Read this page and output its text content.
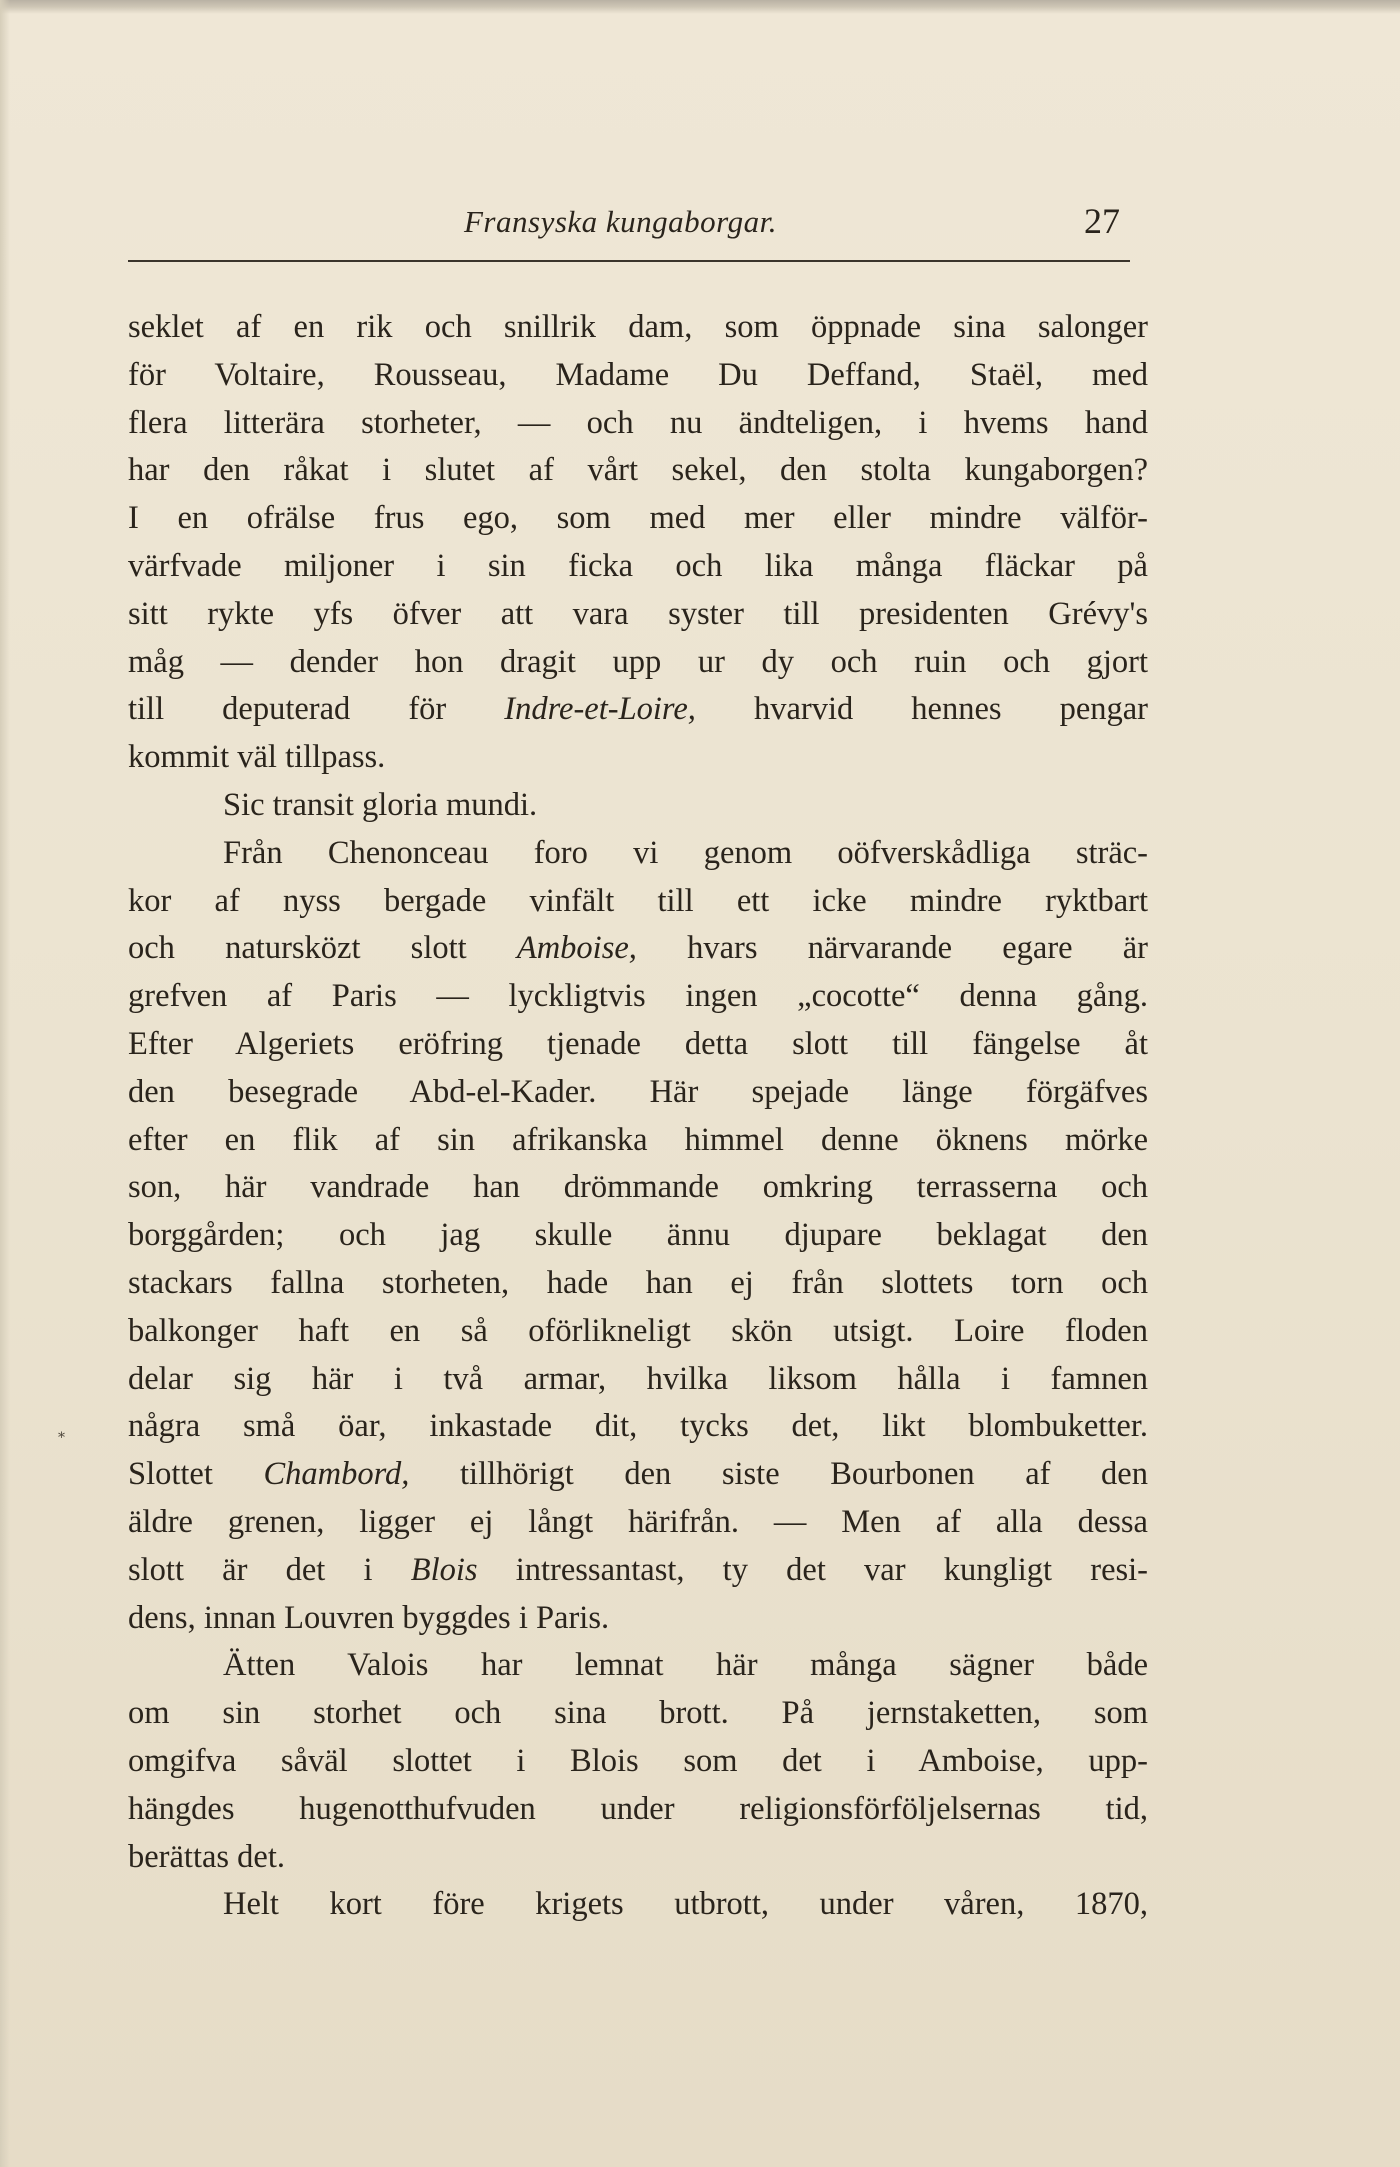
Fransyska kungaborgar.	27

seklet af en rik och snillrik dam, som öppnade sina salonger

för Voltaire, Rousseau, Madame Du Deffand, Staël, med

flera litterära storheter, — och nu ändteligen, i hvems hand

har den råkat i slutet af vårt sekel, den stolta kungaborgen?

I en ofrälse frus ego, som med mer eller mindre välför-

värfvade miljoner i sin ficka och lika många fläckar på

sitt rykte yfs öfver att vara syster till presidenten Grévy's

måg — dender hon dragit upp ur dy och ruin och gjort

till deputerad för Indre-et-Loire, hvarvid hennes pengar

kommit väl tillpass.

Sic transit gloria mundi.

Från Chenonceau foro vi genom oöfverskådliga sträc-

kor af nyss bergade vinfält till ett icke mindre ryktbart

och natursközt slott Amboise, hvars närvarande egare är

grefven af Paris — lyckligtvis ingen „cocotte“ denna gång.

Efter Algeriets eröfring tjenade detta slott till fängelse åt

den besegrade Abd-el-Kader. Här spejade länge förgäfves

efter en flik af sin afrikanska himmel denne öknens mörke

son, här vandrade han drömmande omkring terrasserna och

borggården; och jag skulle ännu djupare beklagat den

stackars fallna storheten, hade han ej från slottets torn och

balkonger haft en så oförlikneligt skön utsigt. Loire floden

delar sig här i två armar, hvilka liksom hålla i famnen

några små öar, inkastade dit, tycks det, likt blombuketter.

Slottet Chambord, tillhörigt den siste Bourbonen af den

äldre grenen, ligger ej långt härifrån. — Men af alla dessa

slott är det i Blois intressantast, ty det var kungligt resi-

dens, innan Louvren byggdes i Paris.

Ätten Valois har lemnat här många sägner både

om sin storhet och sina brott. På jernstaketten, som

omgifva såväl slottet i Blois som det i Amboise, upp-

hängdes hugenotthufvuden under religionsförföljelsernas tid,

berättas det.

Helt kort före krigets utbrott, under våren, 1870,

*
